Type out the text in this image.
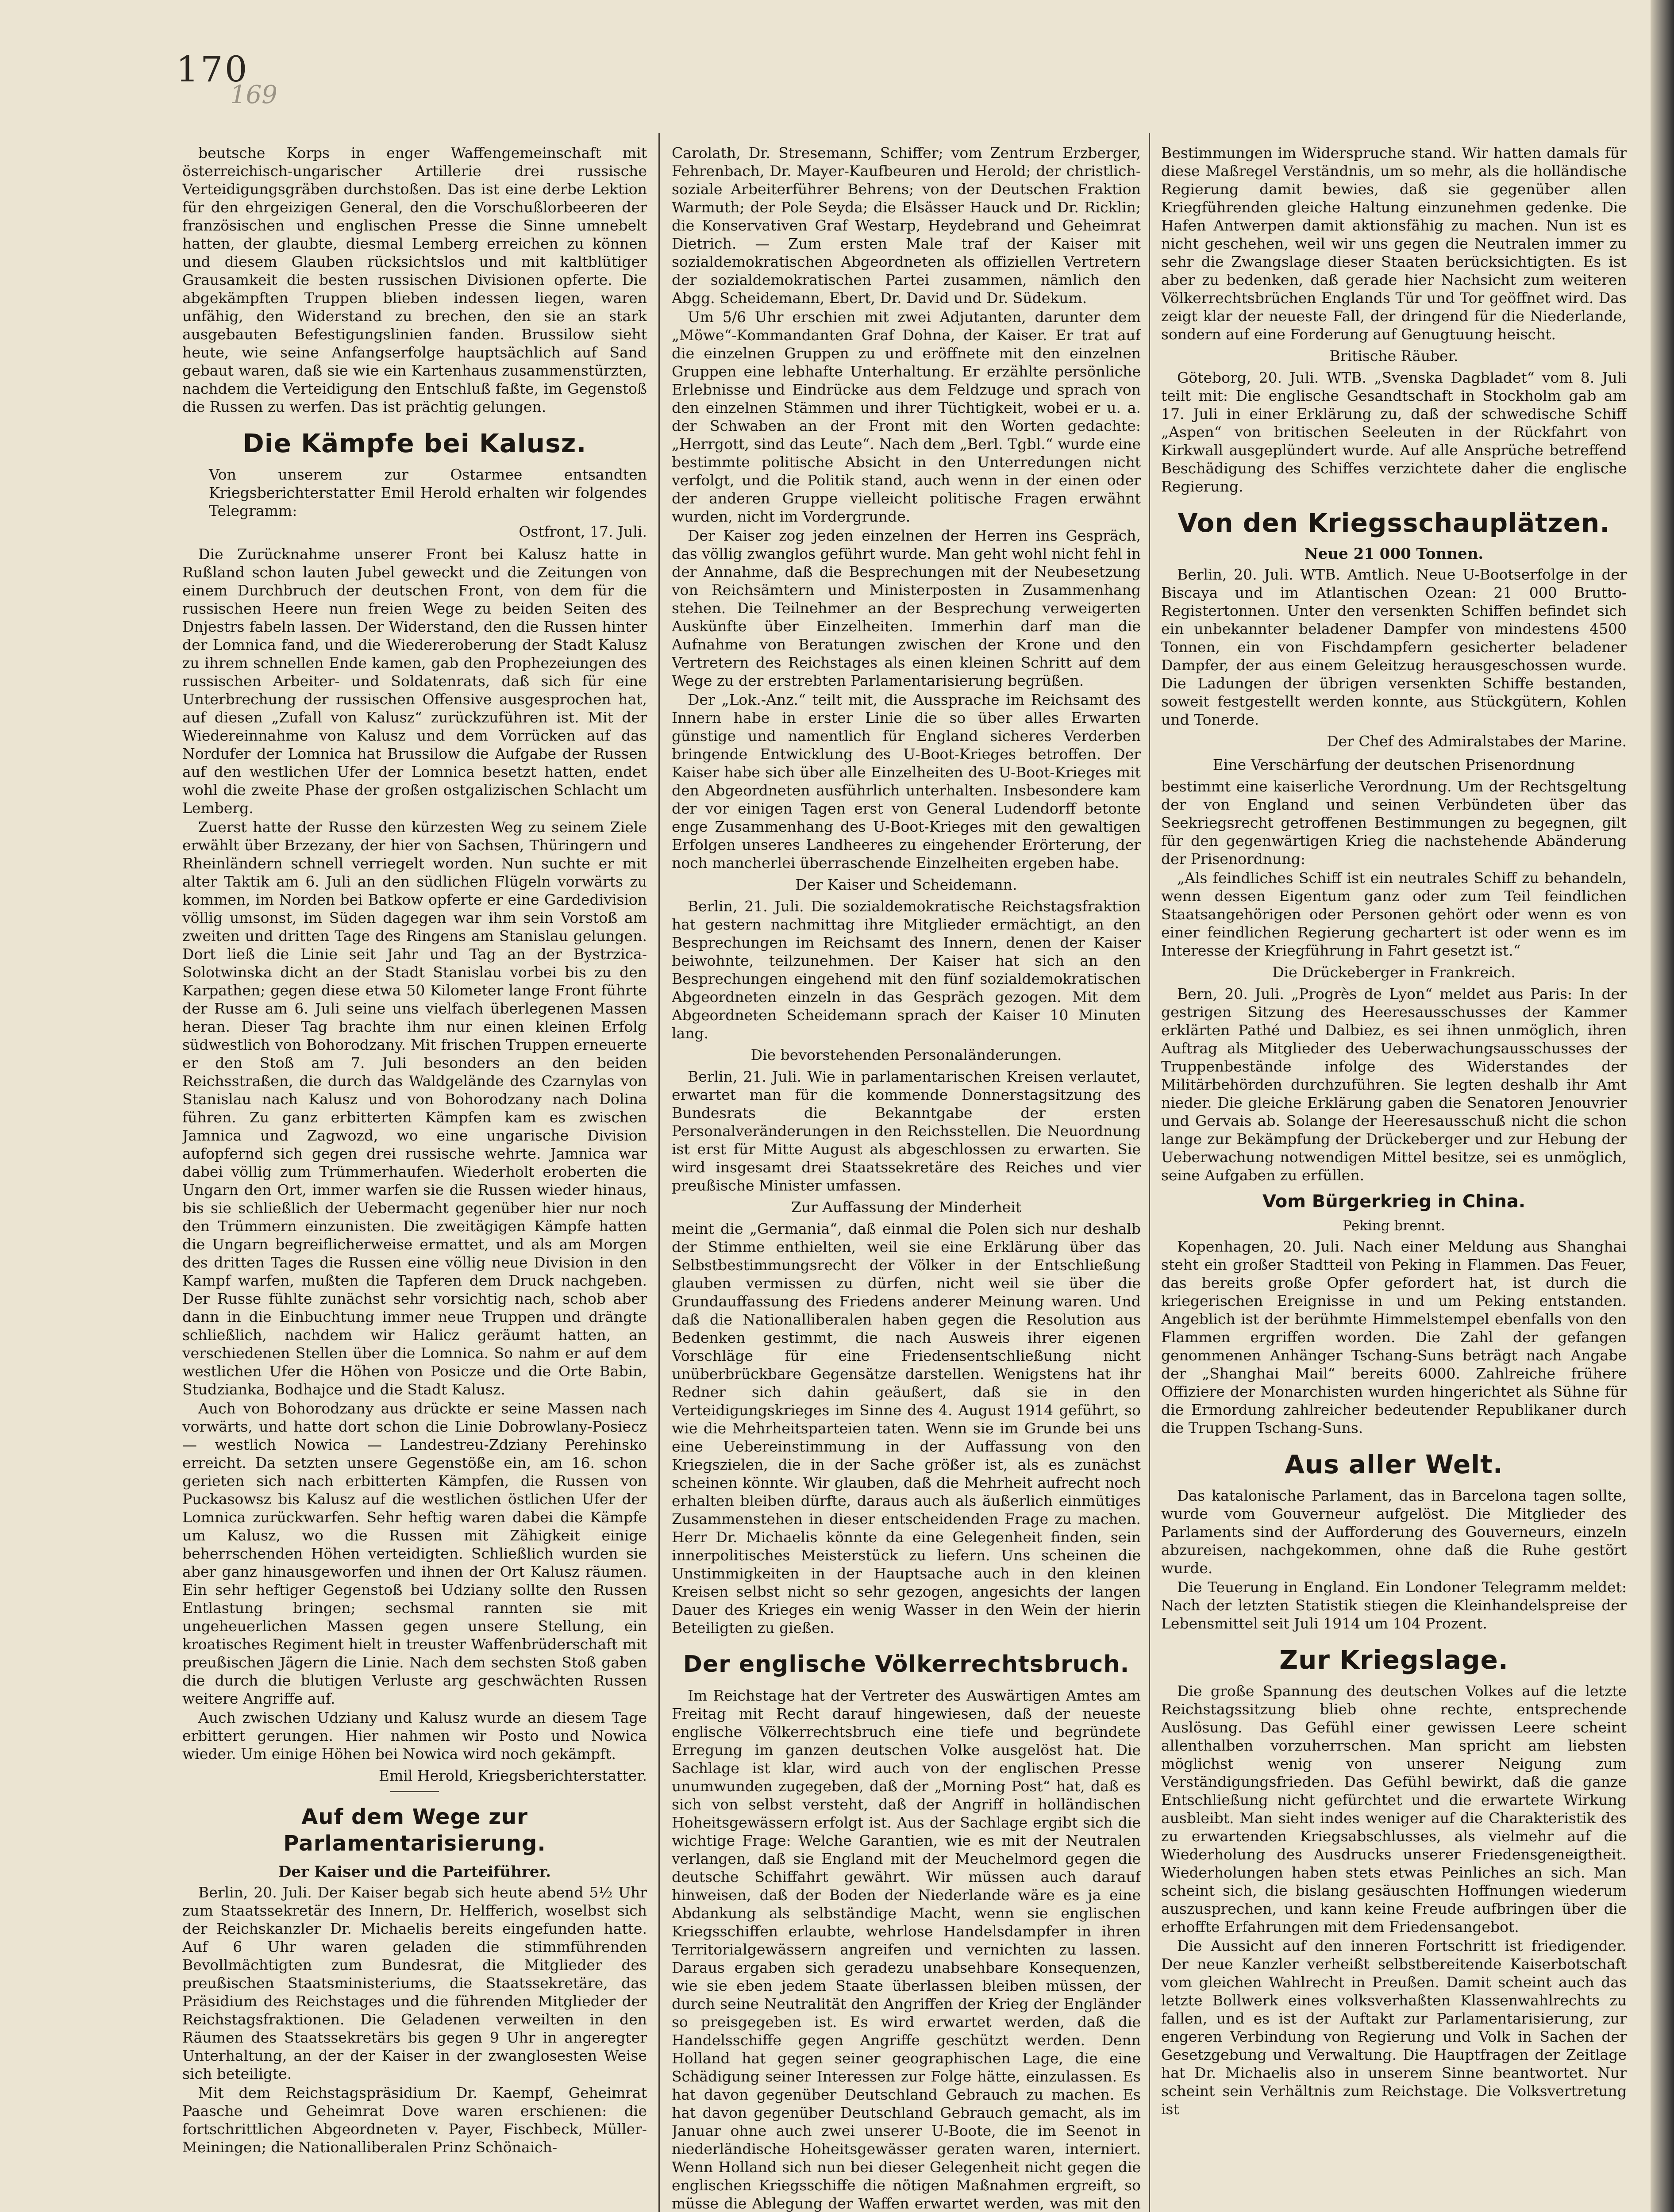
170
169

beutsche Korps in enger Waffengemeinschaft mit österreichisch-ungarischer Artillerie drei russische Verteidigungsgräben durchstoßen. Das ist eine derbe Lektion für den ehrgeizigen General, den die Vorschußlorbeeren der französischen und englischen Presse die Sinne umnebelt hatten, der glaubte, diesmal Lemberg erreichen zu können und diesem Glauben rücksichtslos und mit kaltblütiger Grausamkeit die besten russischen Divisionen opferte. Die abgekämpften Truppen blieben indessen liegen, waren unfähig, den Widerstand zu brechen, den sie an stark ausgebauten Befestigungslinien fanden. Brussilow sieht heute, wie seine Anfangserfolge hauptsächlich auf Sand gebaut waren, daß sie wie ein Kartenhaus zusammenstürzten, nachdem die Verteidigung den Entschluß faßte, im Gegenstoß die Russen zu werfen. Das ist prächtig gelungen.

Die Kämpfe bei Kalusz.

Von unserem zur Ostarmee entsandten Kriegsberichterstatter Emil Herold erhalten wir folgendes Telegramm:

Ostfront, 17. Juli.

Die Zurücknahme unserer Front bei Kalusz hatte in Rußland schon lauten Jubel geweckt und die Zeitungen von einem Durchbruch der deutschen Front, von dem für die russischen Heere nun freien Wege zu beiden Seiten des Dnjestrs fabeln lassen. Der Widerstand, den die Russen hinter der Lomnica fand, und die Wiedereroberung der Stadt Kalusz zu ihrem schnellen Ende kamen, gab den Prophezeiungen des russischen Arbeiter- und Soldatenrats, daß sich für eine Unterbrechung der russischen Offensive ausgesprochen hat, auf diesen „Zufall von Kalusz“ zurückzuführen ist. Mit der Wiedereinnahme von Kalusz und dem Vorrücken auf das Nordufer der Lomnica hat Brussilow die Aufgabe der Russen auf den westlichen Ufer der Lomnica besetzt hatten, endet wohl die zweite Phase der großen ostgalizischen Schlacht um Lemberg.

Zuerst hatte der Russe den kürzesten Weg zu seinem Ziele erwählt über Brzezany, der hier von Sachsen, Thüringern und Rheinländern schnell verriegelt worden. Nun suchte er mit alter Taktik am 6. Juli an den südlichen Flügeln vorwärts zu kommen, im Norden bei Batkow opferte er eine Gardedivision völlig umsonst, im Süden dagegen war ihm sein Vorstoß am zweiten und dritten Tage des Ringens am Stanislau gelungen. Dort ließ die Linie seit Jahr und Tag an der Bystrzica-Solotwinska dicht an der Stadt Stanislau vorbei bis zu den Karpathen; gegen diese etwa 50 Kilometer lange Front führte der Russe am 6. Juli seine uns vielfach überlegenen Massen heran. Dieser Tag brachte ihm nur einen kleinen Erfolg südwestlich von Bohorodzany. Mit frischen Truppen erneuerte er den Stoß am 7. Juli besonders an den beiden Reichsstraßen, die durch das Waldgelände des Czarnylas von Stanislau nach Kalusz und von Bohorodzany nach Dolina führen. Zu ganz erbitterten Kämpfen kam es zwischen Jamnica und Zagwozd, wo eine ungarische Division aufopfernd sich gegen drei russische wehrte. Jamnica war dabei völlig zum Trümmerhaufen. Wiederholt eroberten die Ungarn den Ort, immer warfen sie die Russen wieder hinaus, bis sie schließlich der Uebermacht gegenüber hier nur noch den Trümmern einzunisten. Die zweitägigen Kämpfe hatten die Ungarn begreiflicherweise ermattet, und als am Morgen des dritten Tages die Russen eine völlig neue Division in den Kampf warfen, mußten die Tapferen dem Druck nachgeben. Der Russe fühlte zunächst sehr vorsichtig nach, schob aber dann in die Einbuchtung immer neue Truppen und drängte schließlich, nachdem wir Halicz geräumt hatten, an verschiedenen Stellen über die Lomnica. So nahm er auf dem westlichen Ufer die Höhen von Posicze und die Orte Babin, Studzianka, Bodhajce und die Stadt Kalusz.

Auch von Bohorodzany aus drückte er seine Massen nach vorwärts, und hatte dort schon die Linie Dobrowlany-Posiecz — westlich Nowica — Landestreu-Zdziany Perehinsko erreicht. Da setzten unsere Gegenstöße ein, am 16. schon gerieten sich nach erbitterten Kämpfen, die Russen von Puckasowsz bis Kalusz auf die westlichen östlichen Ufer der Lomnica zurückwarfen. Sehr heftig waren dabei die Kämpfe um Kalusz, wo die Russen mit Zähigkeit einige beherrschenden Höhen verteidigten. Schließlich wurden sie aber ganz hinausgeworfen und ihnen der Ort Kalusz räumen. Ein sehr heftiger Gegenstoß bei Udziany sollte den Russen Entlastung bringen; sechsmal rannten sie mit ungeheuerlichen Massen gegen unsere Stellung, ein kroatisches Regiment hielt in treuster Waffenbrüderschaft mit preußischen Jägern die Linie. Nach dem sechsten Stoß gaben die durch die blutigen Verluste arg geschwächten Russen weitere Angriffe auf.

Auch zwischen Udziany und Kalusz wurde an diesem Tage erbittert gerungen. Hier nahmen wir Posto und Nowica wieder. Um einige Höhen bei Nowica wird noch gekämpft.

Emil Herold, Kriegsberichterstatter.

Auf dem Wege zur Parlamentarisierung.

Der Kaiser und die Parteiführer.

Berlin, 20. Juli. Der Kaiser begab sich heute abend 5½ Uhr zum Staatssekretär des Innern, Dr. Helfferich, woselbst sich der Reichskanzler Dr. Michaelis bereits eingefunden hatte. Auf 6 Uhr waren geladen die stimmführenden Bevollmächtigten zum Bundesrat, die Mitglieder des preußischen Staatsministeriums, die Staatssekretäre, das Präsidium des Reichstages und die führenden Mitglieder der Reichstagsfraktionen. Die Geladenen verweilten in den Räumen des Staatssekretärs bis gegen 9 Uhr in angeregter Unterhaltung, an der der Kaiser in der zwanglosesten Weise sich beteiligte.

Mit dem Reichstagspräsidium Dr. Kaempf, Geheimrat Paasche und Geheimrat Dove waren erschienen: die fortschrittlichen Abgeordneten v. Payer, Fischbeck, Müller-Meiningen; die Nationalliberalen Prinz Schönaich-

Carolath, Dr. Stresemann, Schiffer; vom Zentrum Erzberger, Fehrenbach, Dr. Mayer-Kaufbeuren und Herold; der christlich-soziale Arbeiterführer Behrens; von der Deutschen Fraktion Warmuth; der Pole Seyda; die Elsässer Hauck und Dr. Ricklin; die Konservativen Graf Westarp, Heydebrand und Geheimrat Dietrich. — Zum ersten Male traf der Kaiser mit sozialdemokratischen Abgeordneten als offiziellen Vertretern der sozialdemokratischen Partei zusammen, nämlich den Abgg. Scheidemann, Ebert, Dr. David und Dr. Südekum.

Um 5/6 Uhr erschien mit zwei Adjutanten, darunter dem „Möwe“-Kommandanten Graf Dohna, der Kaiser. Er trat auf die einzelnen Gruppen zu und eröffnete mit den einzelnen Gruppen eine lebhafte Unterhaltung. Er erzählte persönliche Erlebnisse und Eindrücke aus dem Feldzuge und sprach von den einzelnen Stämmen und ihrer Tüchtigkeit, wobei er u. a. der Schwaben an der Front mit den Worten gedachte: „Herrgott, sind das Leute“. Nach dem „Berl. Tgbl.“ wurde eine bestimmte politische Absicht in den Unterredungen nicht verfolgt, und die Politik stand, auch wenn in der einen oder der anderen Gruppe vielleicht politische Fragen erwähnt wurden, nicht im Vordergrunde.

Der Kaiser zog jeden einzelnen der Herren ins Gespräch, das völlig zwanglos geführt wurde. Man geht wohl nicht fehl in der Annahme, daß die Besprechungen mit der Neubesetzung von Reichsämtern und Ministerposten in Zusammenhang stehen. Die Teilnehmer an der Besprechung verweigerten Auskünfte über Einzelheiten. Immerhin darf man die Aufnahme von Beratungen zwischen der Krone und den Vertretern des Reichstages als einen kleinen Schritt auf dem Wege zu der erstrebten Parlamentarisierung begrüßen.

Der „Lok.-Anz.“ teilt mit, die Aussprache im Reichsamt des Innern habe in erster Linie die so über alles Erwarten günstige und namentlich für England sicheres Verderben bringende Entwicklung des U-Boot-Krieges betroffen. Der Kaiser habe sich über alle Einzelheiten des U-Boot-Krieges mit den Abgeordneten ausführlich unterhalten. Insbesondere kam der vor einigen Tagen erst von General Ludendorff betonte enge Zusammenhang des U-Boot-Krieges mit den gewaltigen Erfolgen unseres Landheeres zu eingehender Erörterung, der noch mancherlei überraschende Einzelheiten ergeben habe.

Der Kaiser und Scheidemann.

Berlin, 21. Juli. Die sozialdemokratische Reichstagsfraktion hat gestern nachmittag ihre Mitglieder ermächtigt, an den Besprechungen im Reichsamt des Innern, denen der Kaiser beiwohnte, teilzunehmen. Der Kaiser hat sich an den Besprechungen eingehend mit den fünf sozialdemokratischen Abgeordneten einzeln in das Gespräch gezogen. Mit dem Abgeordneten Scheidemann sprach der Kaiser 10 Minuten lang.

Die bevorstehenden Personaländerungen.

Berlin, 21. Juli. Wie in parlamentarischen Kreisen verlautet, erwartet man für die kommende Donnerstagsitzung des Bundesrats die Bekanntgabe der ersten Personalveränderungen in den Reichsstellen. Die Neuordnung ist erst für Mitte August als abgeschlossen zu erwarten. Sie wird insgesamt drei Staatssekretäre des Reiches und vier preußische Minister umfassen.

Zur Auffassung der Minderheit

meint die „Germania“, daß einmal die Polen sich nur deshalb der Stimme enthielten, weil sie eine Erklärung über das Selbstbestimmungsrecht der Völker in der Entschließung glauben vermissen zu dürfen, nicht weil sie über die Grundauffassung des Friedens anderer Meinung waren. Und daß die Nationalliberalen haben gegen die Resolution aus Bedenken gestimmt, die nach Ausweis ihrer eigenen Vorschläge für eine Friedensentschließung nicht unüberbrückbare Gegensätze darstellen. Wenigstens hat ihr Redner sich dahin geäußert, daß sie in den Verteidigungskrieges im Sinne des 4. August 1914 geführt, so wie die Mehrheitsparteien taten. Wenn sie im Grunde bei uns eine Uebereinstimmung in der Auffassung von den Kriegszielen, die in der Sache größer ist, als es zunächst scheinen könnte. Wir glauben, daß die Mehrheit aufrecht noch erhalten bleiben dürfte, daraus auch als äußerlich einmütiges Zusammenstehen in dieser entscheidenden Frage zu machen. Herr Dr. Michaelis könnte da eine Gelegenheit finden, sein innerpolitisches Meisterstück zu liefern. Uns scheinen die Unstimmigkeiten in der Hauptsache auch in den kleinen Kreisen selbst nicht so sehr gezogen, angesichts der langen Dauer des Krieges ein wenig Wasser in den Wein der hierin Beteiligten zu gießen.

Der englische Völkerrechtsbruch.

Im Reichstage hat der Vertreter des Auswärtigen Amtes am Freitag mit Recht darauf hingewiesen, daß der neueste englische Völkerrechtsbruch eine tiefe und begründete Erregung im ganzen deutschen Volke ausgelöst hat. Die Sachlage ist klar, wird auch von der englischen Presse unumwunden zugegeben, daß der „Morning Post“ hat, daß es sich von selbst versteht, daß der Angriff in holländischen Hoheitsgewässern erfolgt ist. Aus der Sachlage ergibt sich die wichtige Frage: Welche Garantien, wie es mit der Neutralen verlangen, daß sie England mit der Meuchelmord gegen die deutsche Schiffahrt gewährt. Wir müssen auch darauf hinweisen, daß der Boden der Niederlande wäre es ja eine Abdankung als selbständige Macht, wenn sie englischen Kriegsschiffen erlaubte, wehrlose Handelsdampfer in ihren Territorialgewässern angreifen und vernichten zu lassen. Daraus ergaben sich geradezu unabsehbare Konsequenzen, wie sie eben jedem Staate überlassen bleiben müssen, der durch seine Neutralität den Angriffen der Krieg der Engländer so preisgegeben ist. Es wird erwartet werden, daß die Handelsschiffe gegen Angriffe geschützt werden. Denn Holland hat gegen seiner geographischen Lage, die eine Schädigung seiner Interessen zur Folge hätte, einzulassen. Es hat davon gegenüber Deutschland Gebrauch zu machen. Es hat davon gegenüber Deutschland Gebrauch gemacht, als im Januar ohne auch zwei unserer U-Boote, die im Seenot in niederländische Hoheitsgewässer geraten waren, interniert. Wenn Holland sich nun bei dieser Gelegenheit nicht gegen die englischen Kriegsschiffe die nötigen Maßnahmen ergreift, so müsse die Ablegung der Waffen erwartet werden, was mit den

Bestimmungen im Widerspruche stand. Wir hatten damals für diese Maßregel Verständnis, um so mehr, als die holländische Regierung damit bewies, daß sie gegenüber allen Kriegführenden gleiche Haltung einzunehmen gedenke. Die Hafen Antwerpen damit aktionsfähig zu machen. Nun ist es nicht geschehen, weil wir uns gegen die Neutralen immer zu sehr die Zwangslage dieser Staaten berücksichtigten. Es ist aber zu bedenken, daß gerade hier Nachsicht zum weiteren Völkerrechtsbrüchen Englands Tür und Tor geöffnet wird. Das zeigt klar der neueste Fall, der dringend für die Niederlande, sondern auf eine Forderung auf Genugtuung heischt.

Britische Räuber.

Göteborg, 20. Juli. WTB. „Svenska Dagbladet“ vom 8. Juli teilt mit: Die englische Gesandtschaft in Stockholm gab am 17. Juli in einer Erklärung zu, daß der schwedische Schiff „Aspen“ von britischen Seeleuten in der Rückfahrt von Kirkwall ausgeplündert wurde. Auf alle Ansprüche betreffend Beschädigung des Schiffes verzichtete daher die englische Regierung.

Von den Kriegsschauplätzen.

Neue 21 000 Tonnen.

Berlin, 20. Juli. WTB. Amtlich. Neue U-Bootserfolge in der Biscaya und im Atlantischen Ozean: 21 000 Brutto-Registertonnen. Unter den versenkten Schiffen befindet sich ein unbekannter beladener Dampfer von mindestens 4500 Tonnen, ein von Fischdampfern gesicherter beladener Dampfer, der aus einem Geleitzug herausgeschossen wurde. Die Ladungen der übrigen versenkten Schiffe bestanden, soweit festgestellt werden konnte, aus Stückgütern, Kohlen und Tonerde.

Der Chef des Admiralstabes der Marine.

Eine Verschärfung der deutschen Prisenordnung

bestimmt eine kaiserliche Verordnung. Um der Rechtsgeltung der von England und seinen Verbündeten über das Seekriegsrecht getroffenen Bestimmungen zu begegnen, gilt für den gegenwärtigen Krieg die nachstehende Abänderung der Prisenordnung:

„Als feindliches Schiff ist ein neutrales Schiff zu behandeln, wenn dessen Eigentum ganz oder zum Teil feindlichen Staatsangehörigen oder Personen gehört oder wenn es von einer feindlichen Regierung gechartert ist oder wenn es im Interesse der Kriegführung in Fahrt gesetzt ist.“

Die Drückeberger in Frankreich.

Bern, 20. Juli. „Progrès de Lyon“ meldet aus Paris: In der gestrigen Sitzung des Heeresausschusses der Kammer erklärten Pathé und Dalbiez, es sei ihnen unmöglich, ihren Auftrag als Mitglieder des Ueberwachungsausschusses der Truppenbestände infolge des Widerstandes der Militärbehörden durchzuführen. Sie legten deshalb ihr Amt nieder. Die gleiche Erklärung gaben die Senatoren Jenouvrier und Gervais ab. Solange der Heeresausschuß nicht die schon lange zur Bekämpfung der Drückeberger und zur Hebung der Ueberwachung notwendigen Mittel besitze, sei es unmöglich, seine Aufgaben zu erfüllen.

Vom Bürgerkrieg in China.

Peking brennt.

Kopenhagen, 20. Juli. Nach einer Meldung aus Shanghai steht ein großer Stadtteil von Peking in Flammen. Das Feuer, das bereits große Opfer gefordert hat, ist durch die kriegerischen Ereignisse in und um Peking entstanden. Angeblich ist der berühmte Himmelstempel ebenfalls von den Flammen ergriffen worden. Die Zahl der gefangen genommenen Anhänger Tschang-Suns beträgt nach Angabe der „Shanghai Mail“ bereits 6000. Zahlreiche frühere Offiziere der Monarchisten wurden hingerichtet als Sühne für die Ermordung zahlreicher bedeutender Republikaner durch die Truppen Tschang-Suns.

Aus aller Welt.

Das katalonische Parlament, das in Barcelona tagen sollte, wurde vom Gouverneur aufgelöst. Die Mitglieder des Parlaments sind der Aufforderung des Gouverneurs, einzeln abzureisen, nachgekommen, ohne daß die Ruhe gestört wurde.

Die Teuerung in England. Ein Londoner Telegramm meldet: Nach der letzten Statistik stiegen die Kleinhandelspreise der Lebensmittel seit Juli 1914 um 104 Prozent.

Zur Kriegslage.

Die große Spannung des deutschen Volkes auf die letzte Reichstagssitzung blieb ohne rechte, entsprechende Auslösung. Das Gefühl einer gewissen Leere scheint allenthalben vorzuherrschen. Man spricht am liebsten möglichst wenig von unserer Neigung zum Verständigungsfrieden. Das Gefühl bewirkt, daß die ganze Entschließung nicht gefürchtet und die erwartete Wirkung ausbleibt. Man sieht indes weniger auf die Charakteristik des zu erwartenden Kriegsabschlusses, als vielmehr auf die Wiederholung des Ausdrucks unserer Friedensgeneigtheit. Wiederholungen haben stets etwas Peinliches an sich. Man scheint sich, die bislang gesäuschten Hoffnungen wiederum auszusprechen, und kann keine Freude aufbringen über die erhoffte Erfahrungen mit dem Friedensangebot.

Die Aussicht auf den inneren Fortschritt ist friedigender. Der neue Kanzler verheißt selbstbereitende Kaiserbotschaft vom gleichen Wahlrecht in Preußen. Damit scheint auch das letzte Bollwerk eines volksverhaßten Klassenwahlrechts zu fallen, und es ist der Auftakt zur Parlamentarisierung, zur engeren Verbindung von Regierung und Volk in Sachen der Gesetzgebung und Verwaltung. Die Hauptfragen der Zeitlage hat Dr. Michaelis also in unserem Sinne beantwortet. Nur scheint sein Verhältnis zum Reichstage. Die Volksvertretung ist
